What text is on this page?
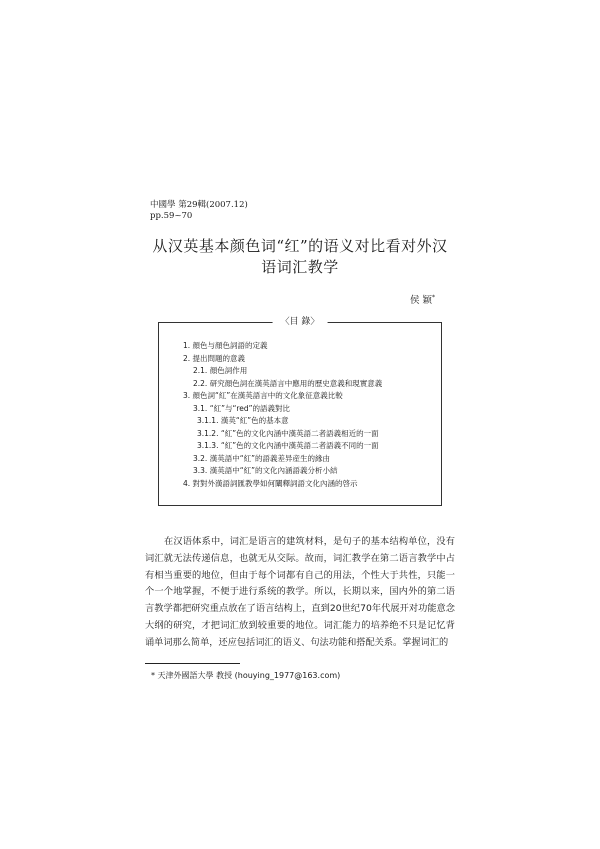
中國學 第29輯(2007.12)
pp.59~70
从汉英基本颜色词“红”的语义对比看对外汉
语词汇教学
侯 颖*
〈目 錄〉
1. 顔色与顔色詞語的定義
2. 提出問題的意義
2.1. 顔色詞作用
2.2. 研究顔色詞在漢英語言中應用的歷史意義和現實意義
3. 顔色詞“紅”在漢英語言中的文化象征意義比較
3.1. “紅”与“red”的語義對比
3.1.1. 漢英“紅”色的基本意
3.1.2. “紅”色的文化內涵中漢英語二者語義相近的一面
3.1.3. “紅”色的文化內涵中漢英語二者語義不同的一面
3.2. 漢英語中“紅”的語義差异産生的緣由
3.3. 漢英語中“紅”的文化內涵語義分析小結
4. 對對外漢語詞匯教學如何闡釋詞語文化內涵的啓示

在汉语体系中，词汇是语言的建筑材料，是句子的基本结构单位，没有词汇就无法传递信息，也就无从交际。故而，词汇教学在第二语言教学中占有相当重要的地位，但由于每个词都有自己的用法，个性大于共性，只能一个一个地掌握，不便于进行系统的教学。所以，长期以来，国内外的第二语言教学都把研究重点放在了语言结构上，直到20世纪70年代展开对功能意念大纲的研究，才把词汇放到较重要的地位。词汇能力的培养绝不只是记忆背诵单词那么简单，还应包括词汇的语义、句法功能和搭配关系。掌握词汇的

* 天津外國語大學 教授 (houying_1977@163.com)
